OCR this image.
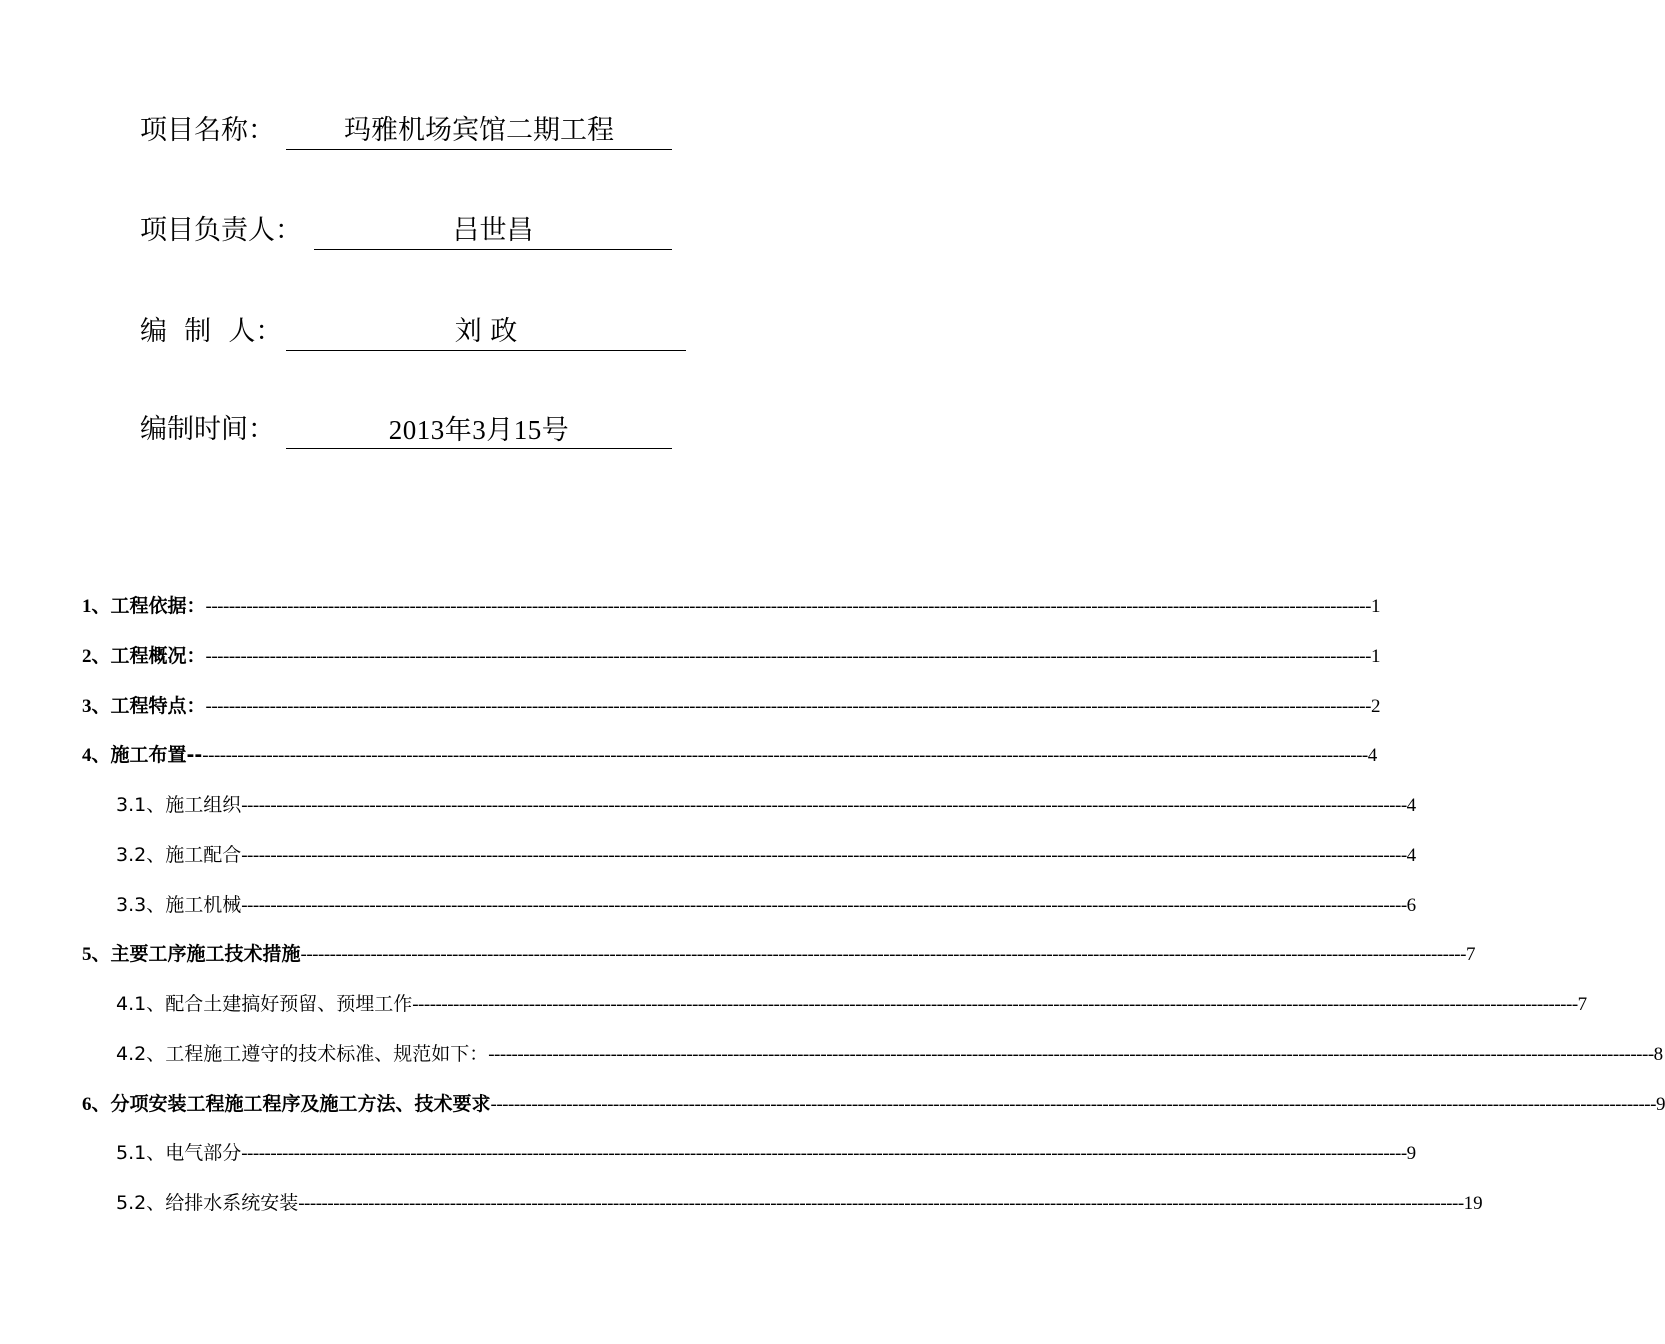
项目名称：	玛雅机场宾馆二期工程
项目负责人：	吕世昌
编  制  人：	刘 政
编制时间：	2013年3月15号
1、 工程依据： -------------------------------------------------------------------------------------------------------------------------------------------------------------------------------------------------------- 1
2、 工程概况： -------------------------------------------------------------------------------------------------------------------------------------------------------------------------------------------------------- 1
3、 工程特点： -------------------------------------------------------------------------------------------------------------------------------------------------------------------------------------------------------- 2
4、 施工布置-- -------------------------------------------------------------------------------------------------------------------------------------------------------------------------------------------------------- 4
3.1、 施工组织 -------------------------------------------------------------------------------------------------------------------------------------------------------------------------------------------------------- 4
3.2、 施工配合 -------------------------------------------------------------------------------------------------------------------------------------------------------------------------------------------------------- 4
3.3、 施工机械 -------------------------------------------------------------------------------------------------------------------------------------------------------------------------------------------------------- 6
5、 主要工序施工技术措施 -------------------------------------------------------------------------------------------------------------------------------------------------------------------------------------------------------- 7
4.1、 配合土建搞好预留、预埋工作 -------------------------------------------------------------------------------------------------------------------------------------------------------------------------------------------------------- 7
4.2、 工程施工遵守的技术标准、规范如下： -------------------------------------------------------------------------------------------------------------------------------------------------------------------------------------------------------- 8
6、 分项安装工程施工程序及施工方法、技术要求 -------------------------------------------------------------------------------------------------------------------------------------------------------------------------------------------------------- 9
5.1、 电气部分 -------------------------------------------------------------------------------------------------------------------------------------------------------------------------------------------------------- 9
5.2、 给排水系统安装 -------------------------------------------------------------------------------------------------------------------------------------------------------------------------------------------------------- 19
